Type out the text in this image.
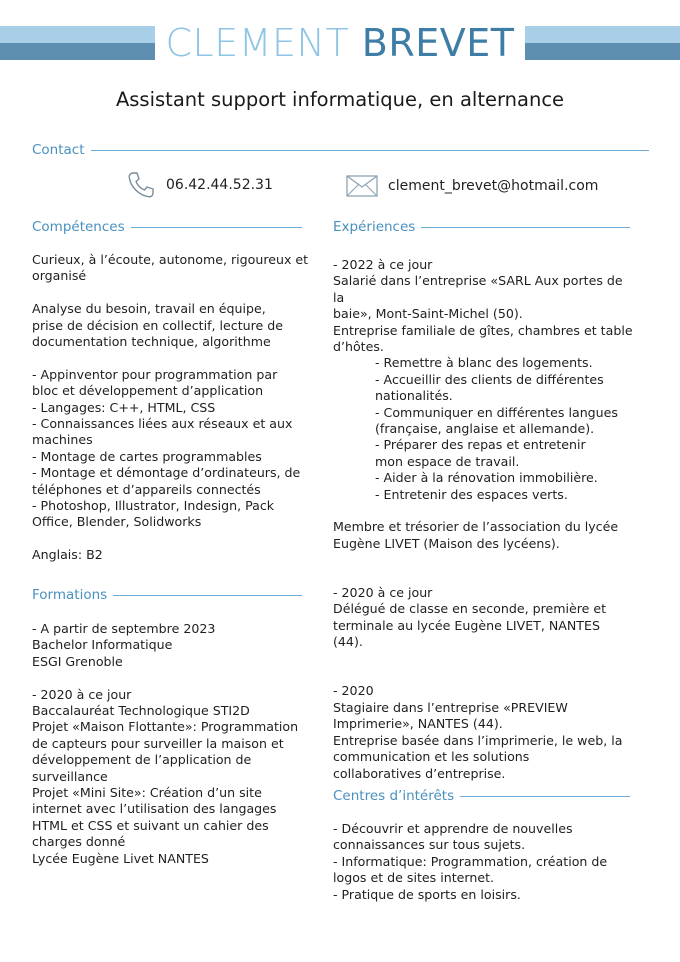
CLEMENT BREVET
Assistant support informatique, en alternance
Contact
06.42.44.52.31	clement_brevet@hotmail.com
Compétences

Curieux, à l’écoute, autonome, rigoureux et

organisé

Analyse du besoin, travail en équipe,

prise de décision en collectif, lecture de

documentation technique, algorithme

- Appinventor pour programmation par

bloc et développement d’application

- Langages: C++, HTML, CSS

- Connaissances liées aux réseaux et aux

machines

- Montage de cartes programmables

- Montage et démontage d’ordinateurs, de

téléphones et d’appareils connectés

- Photoshop, Illustrator, Indesign, Pack

Office, Blender, Solidworks

Anglais: B2

Formations

- A partir de septembre 2023

Bachelor Informatique

ESGI Grenoble

- 2020 à ce jour

Baccalauréat Technologique STI2D

Projet «Maison Flottante»: Programmation

de capteurs pour surveiller la maison et

développement de l’application de

surveillance

Projet «Mini Site»: Création d’un site

internet avec l’utilisation des langages

HTML et CSS et suivant un cahier des

charges donné

Lycée Eugène Livet NANTES

Expériences

- 2022 à ce jour

Salarié dans l’entreprise «SARL Aux portes de la

baie», Mont-Saint-Michel (50).

Entreprise familiale de gîtes, chambres et table

d’hôtes.

- Remettre à blanc des logements.

- Accueillir des clients de différentes

nationalités.

- Communiquer en différentes langues

(française, anglaise et allemande).

- Préparer des repas et entretenir

mon espace de travail.

- Aider à la rénovation immobilière.

- Entretenir des espaces verts.

Membre et trésorier de l’association du lycée

Eugène LIVET (Maison des lycéens).

- 2020 à ce jour

Délégué de classe en seconde, première et

terminale au lycée Eugène LIVET, NANTES (44).

- 2020

Stagiaire dans l’entreprise «PREVIEW

Imprimerie», NANTES (44).

Entreprise basée dans l’imprimerie, le web, la

communication et les solutions

collaboratives d’entreprise.

Centres d’intérêts

- Découvrir et apprendre de nouvelles

connaissances sur tous sujets.

- Informatique: Programmation, création de

logos et de sites internet.

- Pratique de sports en loisirs.
